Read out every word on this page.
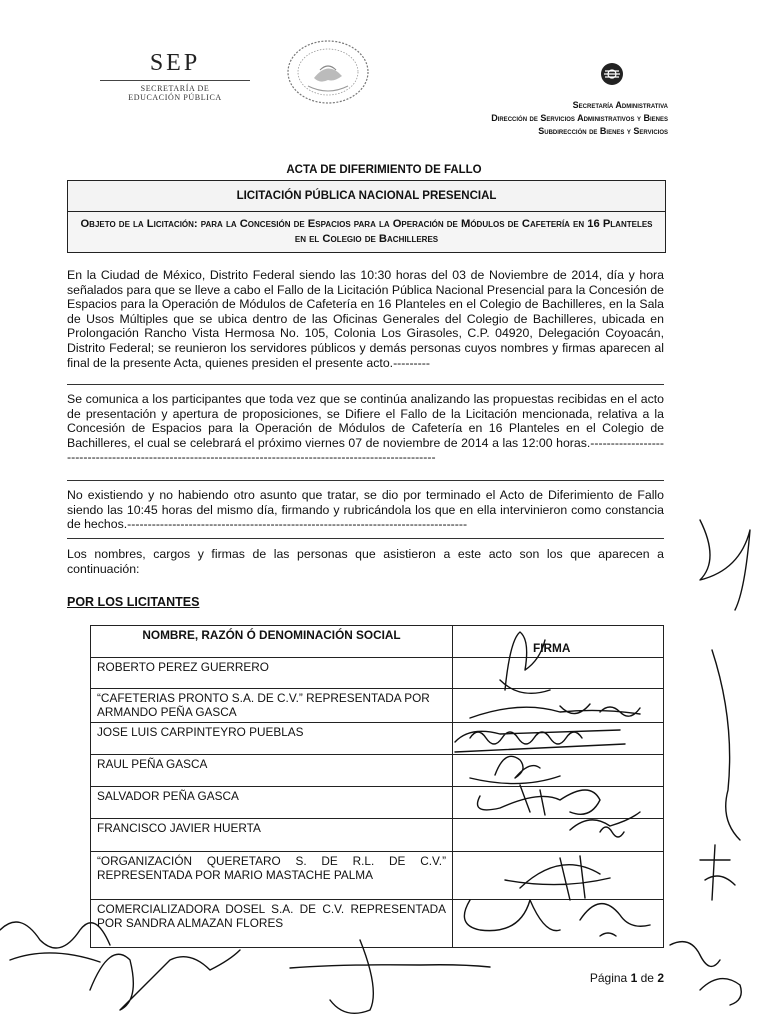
SEP
SECRETARÍA DE
EDUCACIÓN PÚBLICA
Secretaría Administrativa
Dirección de Servicios Administrativos y Bienes
Subdirección de Bienes y Servicios
ACTA DE DIFERIMIENTO DE FALLO
LICITACIÓN PÚBLICA NACIONAL PRESENCIAL
Objeto de la Licitación: para la Concesión de Espacios para la Operación de Módulos de Cafetería en 16 Planteles en el Colegio de Bachilleres
En la Ciudad de México, Distrito Federal siendo las 10:30 horas del 03 de Noviembre de 2014, día y hora señalados para que se lleve a cabo el Fallo de la Licitación Pública Nacional Presencial para la Concesión de Espacios para la Operación de Módulos de Cafetería en 16 Planteles en el Colegio de Bachilleres, en la Sala de Usos Múltiples que se ubica dentro de las Oficinas Generales del Colegio de Bachilleres, ubicada en Prolongación Rancho Vista Hermosa No. 105, Colonia Los Girasoles, C.P. 04920, Delegación Coyoacán, Distrito Federal; se reunieron los servidores públicos y demás personas cuyos nombres y firmas aparecen al final de la presente Acta, quienes presiden el presente acto.---------
Se comunica a los participantes que toda vez que se continúa analizando las propuestas recibidas en el acto de presentación y apertura de proposiciones, se Difiere el Fallo de la Licitación mencionada, relativa a la Concesión de Espacios para la Operación de Módulos de Cafetería en 16 Planteles en el Colegio de Bachilleres, el cual se celebrará el próximo viernes 07 de noviembre de 2014 a las 12:00 horas.------------------------------------------------------------------------------------------------------------
No existiendo y no habiendo otro asunto que tratar, se dio por terminado el Acto de Diferimiento de Fallo siendo las 10:45 horas del mismo día, firmando y rubricándola los que en ella intervinieron como constancia de hechos.-----------------------------------------------------------------------------------
Los nombres, cargos y firmas de las personas que asistieron a este acto son los que aparecen a continuación:
POR LOS LICITANTES
NOMBRE, RAZÓN Ó DENOMINACIÓN SOCIAL	FIRMA
ROBERTO PEREZ GUERRERO	
“CAFETERIAS PRONTO S.A. DE C.V.” REPRESENTADA POR ARMANDO PEÑA GASCA	
JOSE LUIS CARPINTEYRO PUEBLAS	
RAUL PEÑA GASCA	
SALVADOR PEÑA GASCA	
FRANCISCO JAVIER HUERTA	
“ORGANIZACIÓN QUERETARO S. DE R.L. DE C.V.” REPRESENTADA POR MARIO MASTACHE PALMA	
COMERCIALIZADORA DOSEL S.A. DE C.V. REPRESENTADA POR SANDRA ALMAZAN FLORES	
Página 1 de 2
